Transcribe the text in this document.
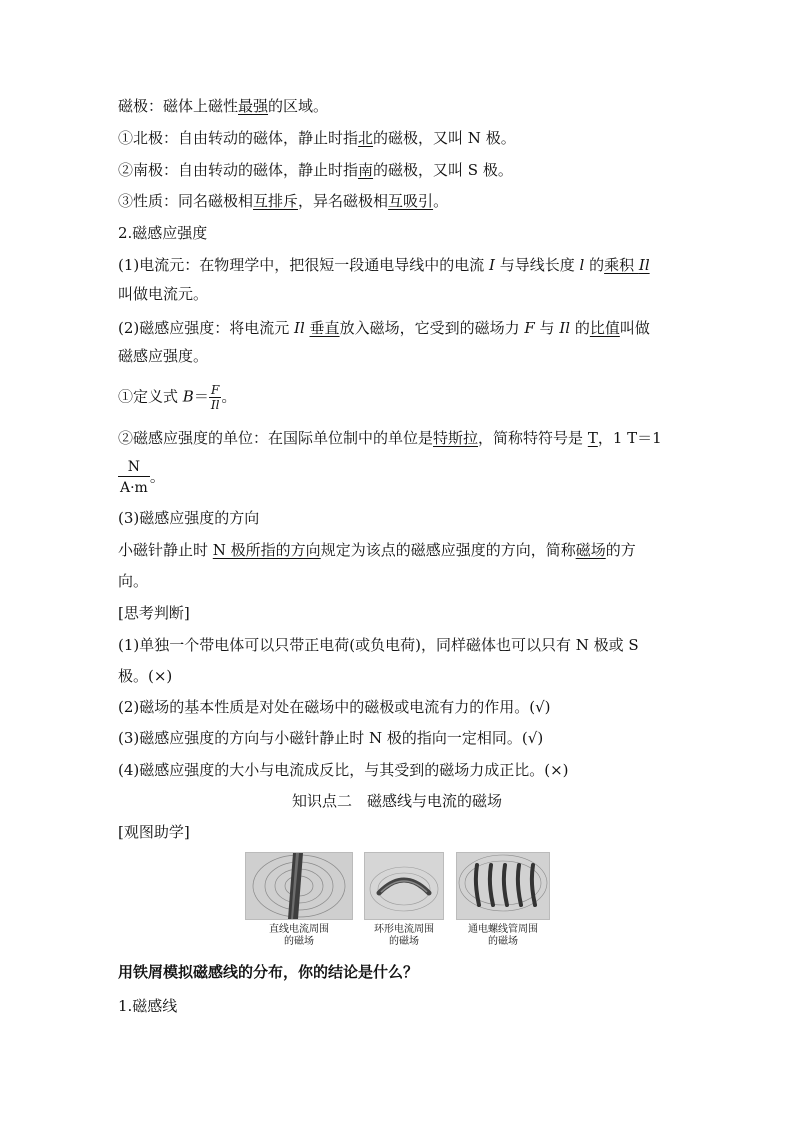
磁极：磁体上磁性最强的区域。
①北极：自由转动的磁体，静止时指北的磁极，又叫 N 极。
②南极：自由转动的磁体，静止时指南的磁极，又叫 S 极。
③性质：同名磁极相互排斥，异名磁极相互吸引。
2.磁感应强度
(1)电流元：在物理学中，把很短一段通电导线中的电流 I 与导线长度 l 的乘积 Il
叫做电流元。
(2)磁感应强度：将电流元 Il 垂直放入磁场，它受到的磁场力 F 与 Il 的比值叫做
磁感应强度。
①定义式 $B= \frac{F}{Il}$ 。
②磁感应强度的单位：在国际单位制中的单位是特斯拉，简称特符号是 T，1 T＝1
$\frac{N}{A\cdot m}$ 。
(3)磁感应强度的方向
小磁针静止时 N 极所指的方向规定为该点的磁感应强度的方向，简称磁场的方
向。
[思考判断]
(1)单独一个带电体可以只带正电荷(或负电荷)，同样磁体也可以只有 N 极或 S
极。(×)
(2)磁场的基本性质是对处在磁场中的磁极或电流有力的作用。(√)
(3)磁感应强度的方向与小磁针静止时 N 极的指向一定相同。(√)
(4)磁感应强度的大小与电流成反比，与其受到的磁场力成正比。(×)
知识点二　磁感线与电流的磁场
[观图助学]
直线电流周围
的磁场
环形电流周围
的磁场
通电螺线管周围
的磁场
用铁屑模拟磁感线的分布，你的结论是什么？
1.磁感线
